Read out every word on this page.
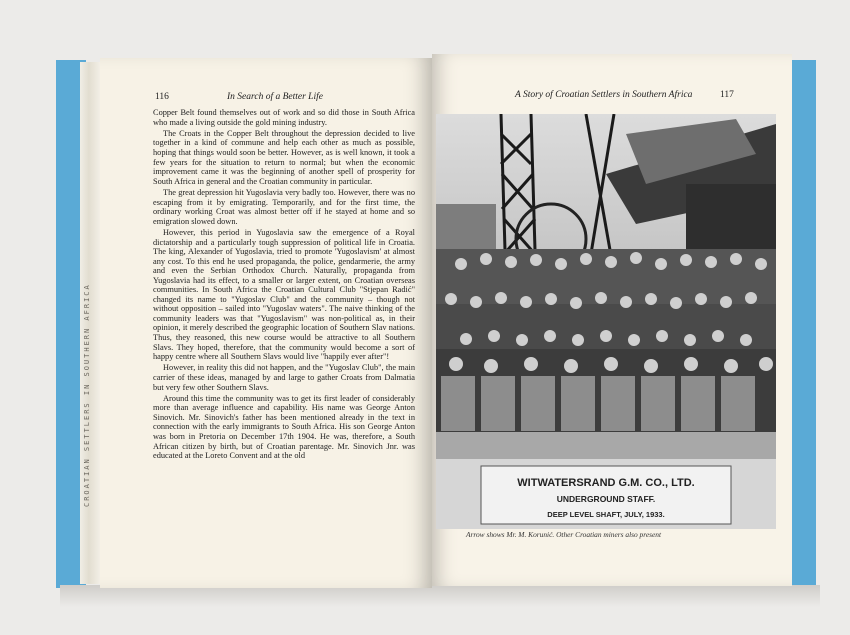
CROATIAN SETTLERS IN SOUTHERN AFRICA
116	In Search of a Better Life	A Story of Croatian Settlers in Southern Africa	117

Copper Belt found themselves out of work and so did those in South Africa who made a living outside the gold mining industry.

The Croats in the Copper Belt throughout the depression decided to live together in a kind of commune and help each other as much as possible, hoping that things would soon be better. However, as is well known, it took a few years for the situation to return to normal; but when the economic improvement came it was the beginning of another spell of prosperity for South Africa in general and the Croatian community in particular.

The great depression hit Yugoslavia very badly too. However, there was no escaping from it by emigrating. Temporarily, and for the first time, the ordinary working Croat was almost better off if he stayed at home and so emigration slowed down.

However, this period in Yugoslavia saw the emergence of a Royal dictatorship and a particularly tough suppression of political life in Croatia. The king, Alexander of Yugoslavia, tried to promote 'Yugoslavism' at almost any cost. To this end he used propaganda, the police, gendarmerie, the army and even the Serbian Orthodox Church. Naturally, propaganda from Yugoslavia had its effect, to a smaller or larger extent, on Croatian overseas communities. In South Africa the Croatian Cultural Club "Stjepan Radić" changed its name to "Yugoslav Club" and the community – though not without opposition – sailed into "Yugoslav waters". The naive thinking of the community leaders was that "Yugoslavism" was non-political as, in their opinion, it merely described the geographic location of Southern Slav nations. Thus, they reasoned, this new course would be attractive to all Southern Slavs. They hoped, therefore, that the community would become a sort of happy centre where all Southern Slavs would live "happily ever after"!

However, in reality this did not happen, and the "Yugoslav Club", the main carrier of these ideas, managed by and large to gather Croats from Dalmatia but very few other Southern Slavs.

Around this time the community was to get its first leader of considerably more than average influence and capability. His name was George Anton Sinovich. Mr. Sinovich's father has been mentioned already in the text in connection with the early immigrants to South Africa. His son George Anton was born in Pretoria on December 17th 1904. He was, therefore, a South African citizen by birth, but of Croatian parentage. Mr. Sinovich Jnr. was educated at the Loreto Convent and at the old

WITWATERSRAND G.M. CO., LTD.
UNDERGROUND STAFF.
DEEP LEVEL SHAFT, JULY, 1933.
Arrow shows Mr. M. Korunić. Other Croatian miners also present
